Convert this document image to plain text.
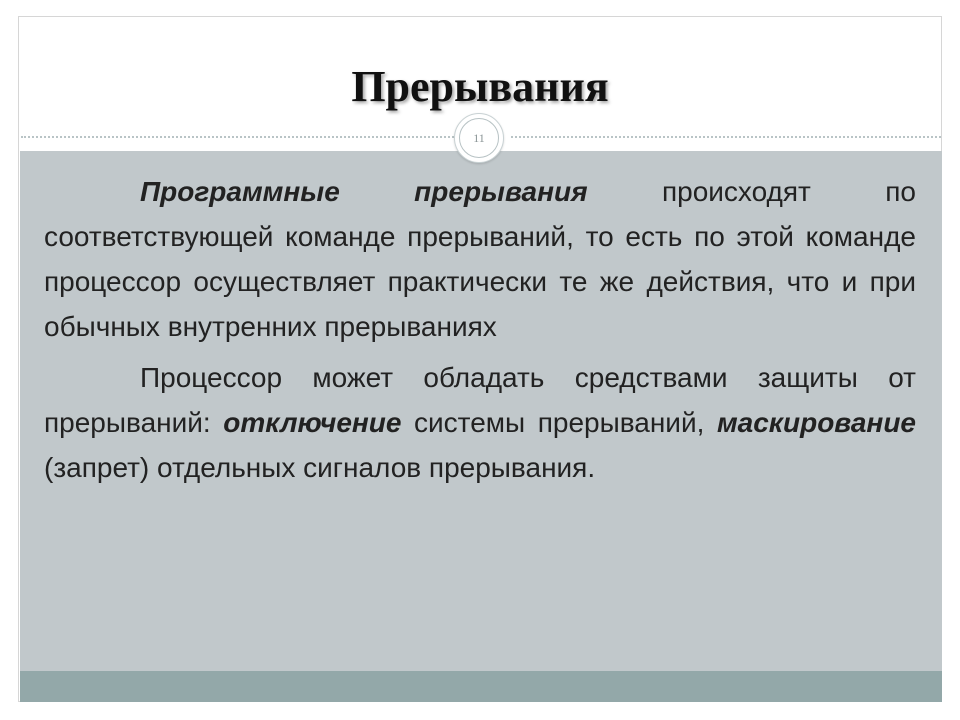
Прерывания
11

Программные прерывания происходят по соответствующей команде прерываний, то есть по этой команде процессор осуществляет практически те же действия, что и при обычных внутренних прерываниях

Процессор может обладать средствами защиты от прерываний: отключение системы прерываний, маскирование (запрет) отдельных сигналов прерывания.
